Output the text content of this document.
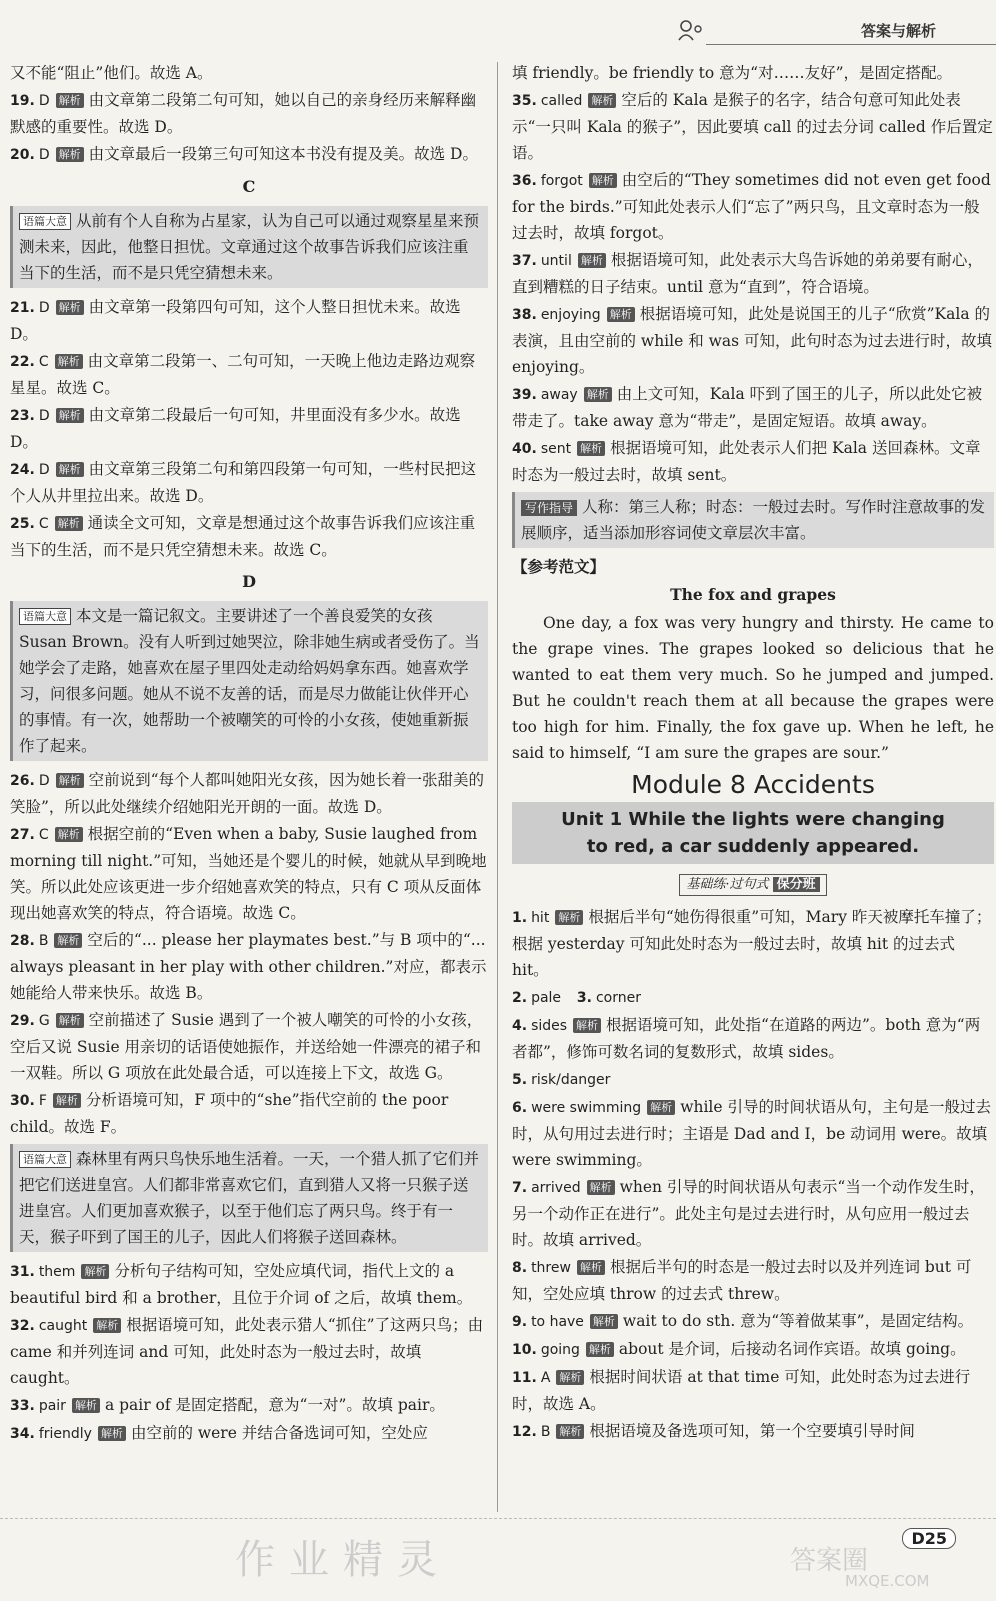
答案与解析
又不能“阻止”他们。故选 A。
19. D 解析 由文章第二段第二句可知，她以自己的亲身经历来解释幽默感的重要性。故选 D。
20. D 解析 由文章最后一段第三句可知这本书没有提及美。故选 D。
C
语篇大意 从前有个人自称为占星家，认为自己可以通过观察星星来预测未来，因此，他整日担忧。文章通过这个故事告诉我们应该注重当下的生活，而不是只凭空猜想未来。
21. D 解析 由文章第一段第四句可知，这个人整日担忧未来。故选 D。
22. C 解析 由文章第二段第一、二句可知，一天晚上他边走路边观察星星。故选 C。
23. D 解析 由文章第二段最后一句可知，井里面没有多少水。故选 D。
24. D 解析 由文章第三段第二句和第四段第一句可知，一些村民把这个人从井里拉出来。故选 D。
25. C 解析 通读全文可知，文章是想通过这个故事告诉我们应该注重当下的生活，而不是只凭空猜想未来。故选 C。
D
语篇大意 本文是一篇记叙文。主要讲述了一个善良爱笑的女孩 Susan Brown。没有人听到过她哭泣，除非她生病或者受伤了。当她学会了走路，她喜欢在屋子里四处走动给妈妈拿东西。她喜欢学习，问很多问题。她从不说不友善的话，而是尽力做能让伙伴开心的事情。有一次，她帮助一个被嘲笑的可怜的小女孩，使她重新振作了起来。
26. D 解析 空前说到“每个人都叫她阳光女孩，因为她长着一张甜美的笑脸”，所以此处继续介绍她阳光开朗的一面。故选 D。
27. C 解析 根据空前的“Even when a baby, Susie laughed from morning till night.”可知，当她还是个婴儿的时候，她就从早到晚地笑。所以此处应该更进一步介绍她喜欢笑的特点，只有 C 项从反面体现出她喜欢笑的特点，符合语境。故选 C。
28. B 解析 空后的“... please her playmates best.”与 B 项中的“... always pleasant in her play with other children.”对应，都表示她能给人带来快乐。故选 B。
29. G 解析 空前描述了 Susie 遇到了一个被人嘲笑的可怜的小女孩，空后又说 Susie 用亲切的话语使她振作，并送给她一件漂亮的裙子和一双鞋。所以 G 项放在此处最合适，可以连接上下文，故选 G。
30. F 解析 分析语境可知，F 项中的“she”指代空前的 the poor child。故选 F。
语篇大意 森林里有两只鸟快乐地生活着。一天，一个猎人抓了它们并把它们送进皇宫。人们都非常喜欢它们，直到猎人又将一只猴子送进皇宫。人们更加喜欢猴子，以至于他们忘了两只鸟。终于有一天，猴子吓到了国王的儿子，因此人们将猴子送回森林。
31. them 解析 分析句子结构可知，空处应填代词，指代上文的 a beautiful bird 和 a brother，且位于介词 of 之后，故填 them。
32. caught 解析 根据语境可知，此处表示猎人“抓住”了这两只鸟；由 came 和并列连词 and 可知，此处时态为一般过去时，故填 caught。
33. pair 解析 a pair of 是固定搭配，意为“一对”。故填 pair。
34. friendly 解析 由空前的 were 并结合备选词可知，空处应
填 friendly。be friendly to 意为“对……友好”，是固定搭配。
35. called 解析 空后的 Kala 是猴子的名字，结合句意可知此处表示“一只叫 Kala 的猴子”，因此要填 call 的过去分词 called 作后置定语。
36. forgot 解析 由空后的“They sometimes did not even get food for the birds.”可知此处表示人们“忘了”两只鸟，且文章时态为一般过去时，故填 forgot。
37. until 解析 根据语境可知，此处表示大鸟告诉她的弟弟要有耐心，直到糟糕的日子结束。until 意为“直到”，符合语境。
38. enjoying 解析 根据语境可知，此处是说国王的儿子“欣赏”Kala 的表演，且由空前的 while 和 was 可知，此句时态为过去进行时，故填enjoying。
39. away 解析 由上文可知，Kala 吓到了国王的儿子，所以此处它被带走了。take away 意为“带走”，是固定短语。故填 away。
40. sent 解析 根据语境可知，此处表示人们把 Kala 送回森林。文章时态为一般过去时，故填 sent。
写作指导 人称：第三人称；时态：一般过去时。写作时注意故事的发展顺序，适当添加形容词使文章层次丰富。
【参考范文】
The fox and grapes
One day, a fox was very hungry and thirsty. He came to the grape vines. The grapes looked so delicious that he wanted to eat them very much. So he jumped and jumped. But he couldn't reach them at all because the grapes were too high for him. Finally, the fox gave up. When he left, he said to himself, “I am sure the grapes are sour.”
Module 8 Accidents
Unit 1 While the lights were changing
to red, a car suddenly appeared.
基础练·过句式 保分班
1. hit 解析 根据后半句“她伤得很重”可知，Mary 昨天被摩托车撞了；根据 yesterday 可知此处时态为一般过去时，故填 hit 的过去式 hit。
2. pale 3. corner
4. sides 解析 根据语境可知，此处指“在道路的两边”。both 意为“两者都”，修饰可数名词的复数形式，故填 sides。
5. risk/danger
6. were swimming 解析 while 引导的时间状语从句，主句是一般过去时，从句用过去进行时；主语是 Dad and I，be 动词用 were。故填 were swimming。
7. arrived 解析 when 引导的时间状语从句表示“当一个动作发生时，另一个动作正在进行”。此处主句是过去进行时，从句应用一般过去时。故填 arrived。
8. threw 解析 根据后半句的时态是一般过去时以及并列连词 but 可知，空处应填 throw 的过去式 threw。
9. to have 解析 wait to do sth. 意为“等着做某事”，是固定结构。
10. going 解析 about 是介词，后接动名词作宾语。故填 going。
11. A 解析 根据时间状语 at that time 可知，此处时态为过去进行时，故选 A。
12. B 解析 根据语境及备选项可知，第一个空要填引导时间
作业精灵	答案圈
MXQE.COM
D25
